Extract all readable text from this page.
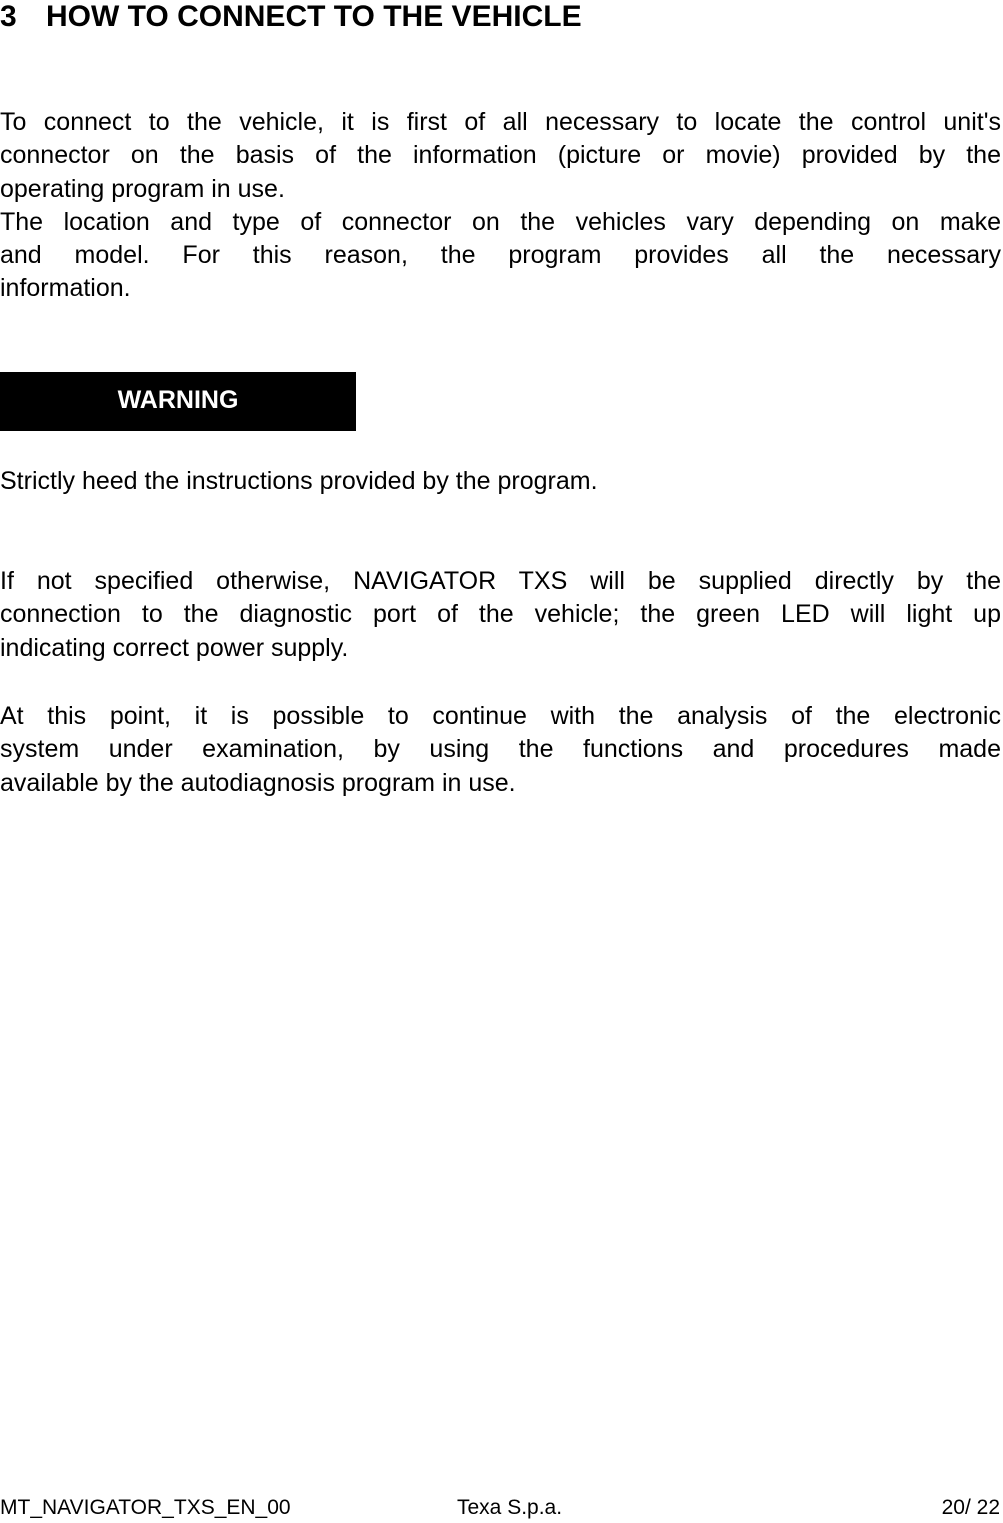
3 HOW TO CONNECT TO THE VEHICLE

To connect to the vehicle, it is first of all necessary to locate the control unit's
connector on the basis of the information (picture or movie) provided by the
operating program in use.
The location and type of connector on the vehicles vary depending on make
and model. For this reason, the program provides all the necessary
information.

WARNING

Strictly heed the instructions provided by the program.

If not specified otherwise, NAVIGATOR TXS will be supplied directly by the
connection to the diagnostic port of the vehicle; the green LED will light up
indicating correct power supply.

At this point, it is possible to continue with the analysis of the electronic
system under examination, by using the functions and procedures made
available by the autodiagnosis program in use.

MT_NAVIGATOR_TXS_EN_00	Texa S.p.a.	20/ 22
